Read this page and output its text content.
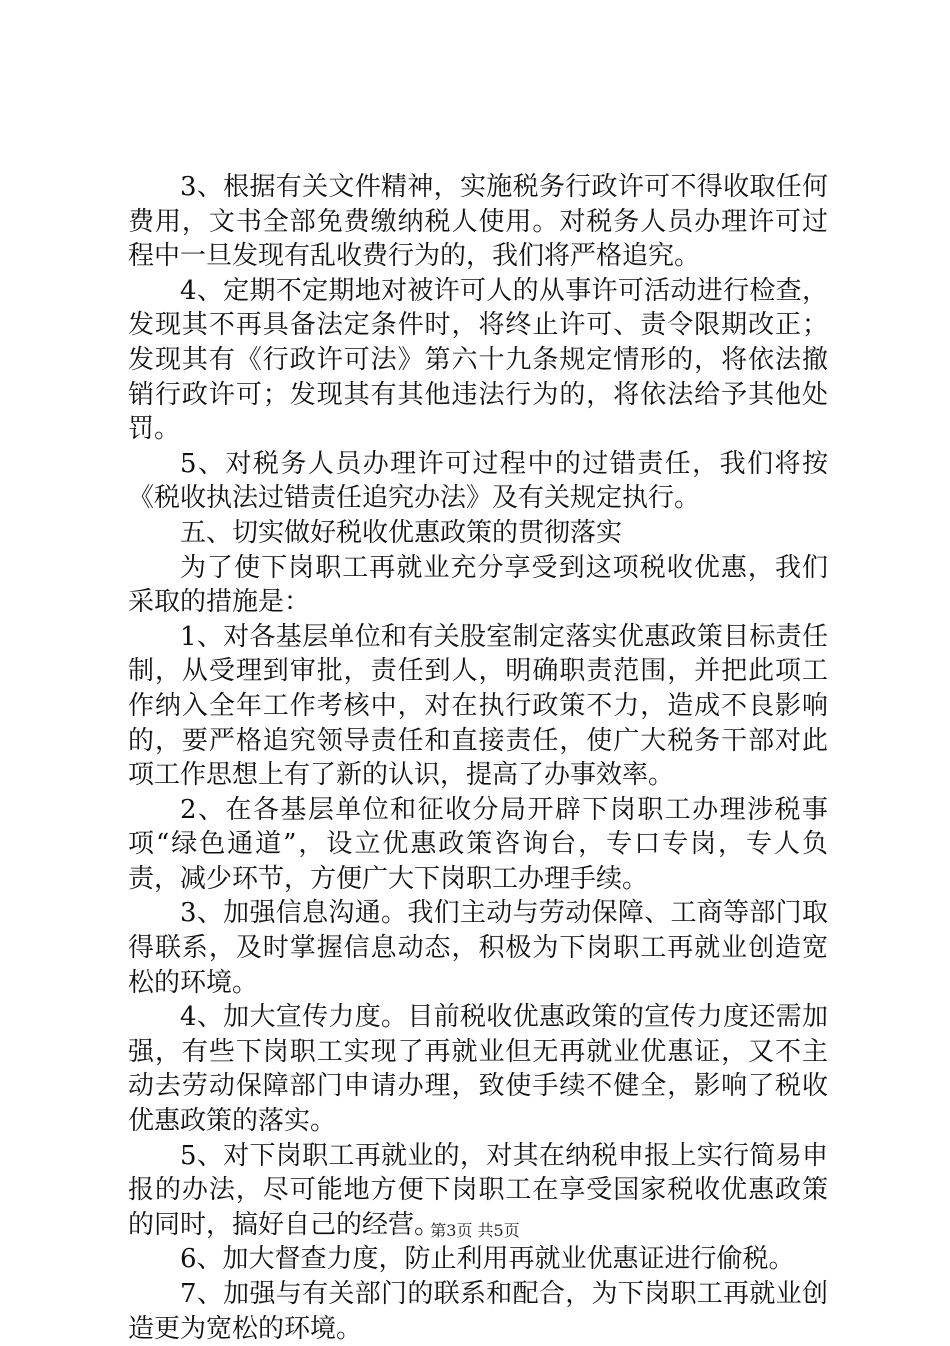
3、根据有关文件精神，实施税务行政许可不得收取任何费用，文书全部免费缴纳税人使用。对税务人员办理许可过程中一旦发现有乱收费行为的，我们将严格追究。

4、定期不定期地对被许可人的从事许可活动进行检查，发现其不再具备法定条件时，将终止许可、责令限期改正；发现其有《行政许可法》第六十九条规定情形的，将依法撤销行政许可；发现其有其他违法行为的，将依法给予其他处罚。

5、对税务人员办理许可过程中的过错责任，我们将按《税收执法过错责任追究办法》及有关规定执行。

五、切实做好税收优惠政策的贯彻落实

为了使下岗职工再就业充分享受到这项税收优惠，我们采取的措施是：

1、对各基层单位和有关股室制定落实优惠政策目标责任制，从受理到审批，责任到人，明确职责范围，并把此项工作纳入全年工作考核中，对在执行政策不力，造成不良影响的，要严格追究领导责任和直接责任，使广大税务干部对此项工作思想上有了新的认识，提高了办事效率。

2、在各基层单位和征收分局开辟下岗职工办理涉税事项“绿色通道”，设立优惠政策咨询台，专口专岗，专人负责，减少环节，方便广大下岗职工办理手续。

3、加强信息沟通。我们主动与劳动保障、工商等部门取得联系，及时掌握信息动态，积极为下岗职工再就业创造宽松的环境。

4、加大宣传力度。目前税收优惠政策的宣传力度还需加强，有些下岗职工实现了再就业但无再就业优惠证，又不主动去劳动保障部门申请办理，致使手续不健全，影响了税收优惠政策的落实。

5、对下岗职工再就业的，对其在纳税申报上实行简易申报的办法，尽可能地方便下岗职工在享受国家税收优惠政策的同时，搞好自己的经营。

6、加大督查力度，防止利用再就业优惠证进行偷税。

7、加强与有关部门的联系和配合，为下岗职工再就业创造更为宽松的环境。

第3页 共5页
